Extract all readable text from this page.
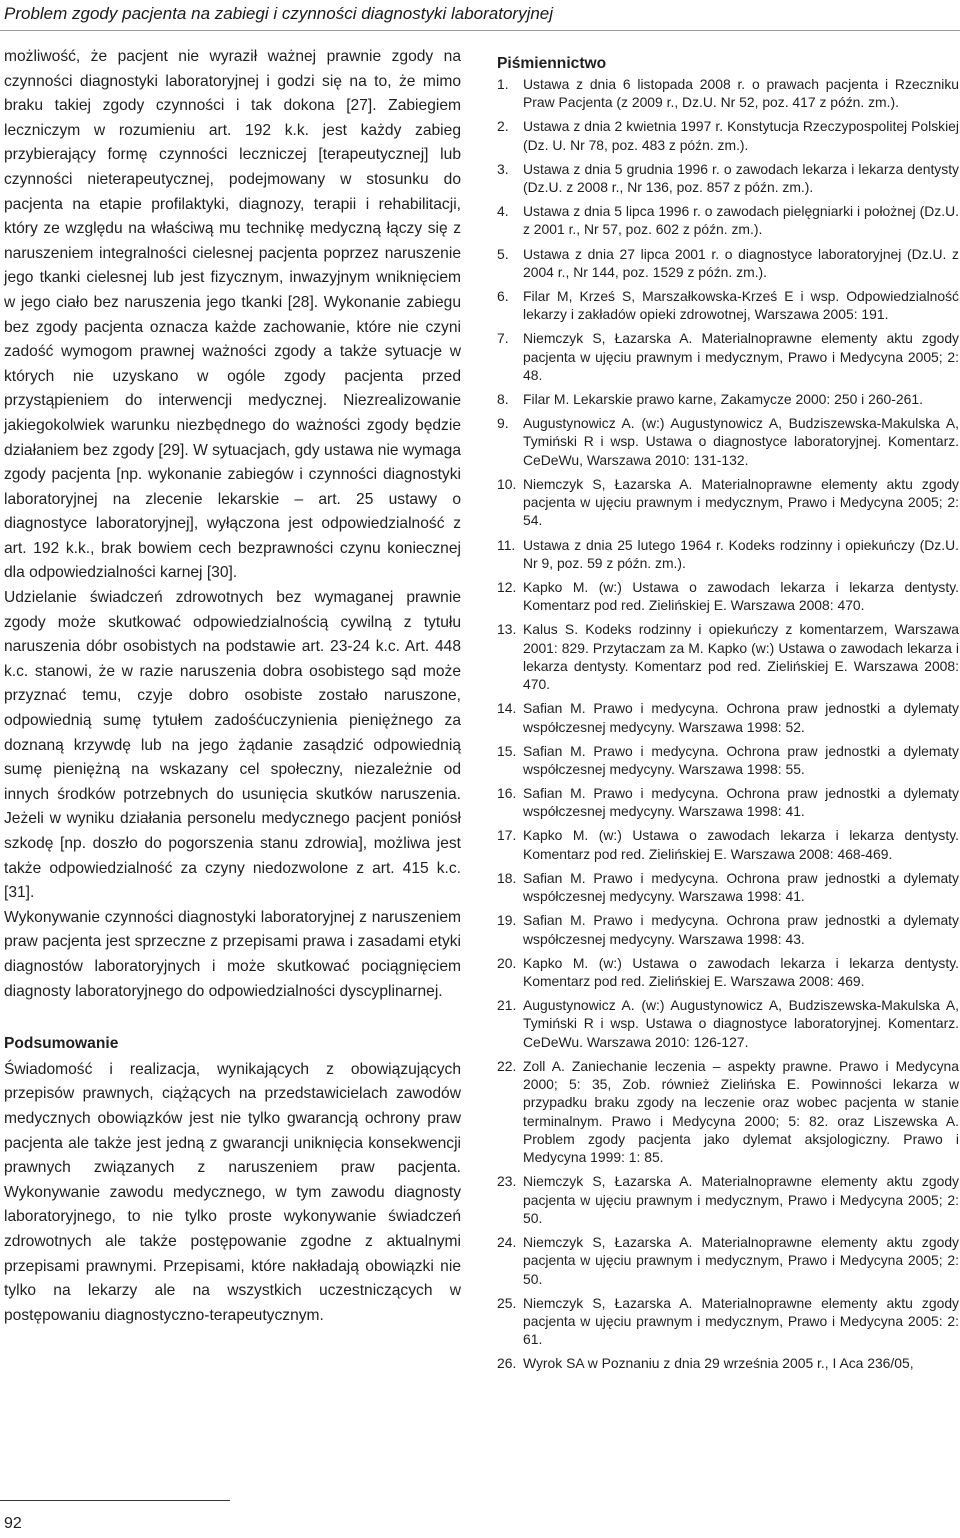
Problem zgody pacjenta na zabiegi i czynności diagnostyki laboratoryjnej

możliwość, że pacjent nie wyraził ważnej prawnie zgody na czynności diagnostyki laboratoryjnej i godzi się na to, że mimo braku takiej zgody czynności i tak dokona [27]. Zabiegiem leczniczym w rozumieniu art. 192 k.k. jest każdy zabieg przybierający formę czynności leczniczej [terapeutycznej] lub czynności nieterapeutycznej, podejmowany w stosunku do pacjenta na etapie profilaktyki, diagnozy, terapii i rehabilitacji, który ze względu na właściwą mu technikę medyczną łączy się z naruszeniem integralności cielesnej pacjenta poprzez naruszenie jego tkanki cielesnej lub jest fizycznym, inwazyjnym wniknięciem w jego ciało bez naruszenia jego tkanki [28]. Wykonanie zabiegu bez zgody pacjenta oznacza każde zachowanie, które nie czyni zadość wymogom prawnej ważności zgody a także sytuacje w których nie uzyskano w ogóle zgody pacjenta przed przystąpieniem do interwencji medycznej. Niezrealizowanie jakiegokolwiek warunku niezbędnego do ważności zgody będzie działaniem bez zgody [29]. W sytuacjach, gdy ustawa nie wymaga zgody pacjenta [np. wykonanie zabiegów i czynności diagnostyki laboratoryjnej na zlecenie lekarskie – art. 25 ustawy o diagnostyce laboratoryjnej], wyłączona jest odpowiedzialność z art. 192 k.k., brak bowiem cech bezprawności czynu koniecznej dla odpowiedzialności karnej [30].

Udzielanie świadczeń zdrowotnych bez wymaganej prawnie zgody może skutkować odpowiedzialnością cywilną z tytułu naruszenia dóbr osobistych na podstawie art. 23-24 k.c. Art. 448 k.c. stanowi, że w razie naruszenia dobra osobistego sąd może przyznać temu, czyje dobro osobiste zostało naruszone, odpowiednią sumę tytułem zadośćuczynienia pieniężnego za doznaną krzywdę lub na jego żądanie zasądzić odpowiednią sumę pieniężną na wskazany cel społeczny, niezależnie od innych środków potrzebnych do usunięcia skutków naruszenia. Jeżeli w wyniku działania personelu medycznego pacjent poniósł szkodę [np. doszło do pogorszenia stanu zdrowia], możliwa jest także odpowiedzialność za czyny niedozwolone z art. 415 k.c. [31].

Wykonywanie czynności diagnostyki laboratoryjnej z naruszeniem praw pacjenta jest sprzeczne z przepisami prawa i zasadami etyki diagnostów laboratoryjnych i może skutkować pociągnięciem diagnosty laboratoryjnego do odpowiedzialności dyscyplinarnej.

Podsumowanie

Świadomość i realizacja, wynikających z obowiązujących przepisów prawnych, ciążących na przedstawicielach zawodów medycznych obowiązków jest nie tylko gwarancją ochrony praw pacjenta ale także jest jedną z gwarancji uniknięcia konsekwencji prawnych związanych z naruszeniem praw pacjenta. Wykonywanie zawodu medycznego, w tym zawodu diagnosty laboratoryjnego, to nie tylko proste wykonywanie świadczeń zdrowotnych ale także postępowanie zgodne z aktualnymi przepisami prawnymi. Przepisami, które nakładają obowiązki nie tylko na lekarzy ale na wszystkich uczestniczących w postępowaniu diagnostyczno-terapeutycznym.

Piśmiennictwo
1.	Ustawa z dnia 6 listopada 2008 r. o prawach pacjenta i Rzeczniku Praw Pacjenta (z 2009 r., Dz.U. Nr 52, poz. 417 z późn. zm.).
2.	Ustawa z dnia 2 kwietnia 1997 r. Konstytucja Rzeczypospolitej Polskiej (Dz. U. Nr 78, poz. 483 z późn. zm.).
3.	Ustawa z dnia 5 grudnia 1996 r. o zawodach lekarza i lekarza dentysty (Dz.U. z 2008 r., Nr 136, poz. 857 z późn. zm.).
4.	Ustawa z dnia 5 lipca 1996 r. o zawodach pielęgniarki i położnej (Dz.U. z 2001 r., Nr 57, poz. 602 z późn. zm.).
5.	Ustawa z dnia 27 lipca 2001 r. o diagnostyce laboratoryjnej (Dz.U. z 2004 r., Nr 144, poz. 1529 z późn. zm.).
6.	Filar M, Krześ S, Marszałkowska-Krześ E i wsp. Odpowiedzialność lekarzy i zakładów opieki zdrowotnej, Warszawa 2005: 191.
7.	Niemczyk S, Łazarska A. Materialnoprawne elementy aktu zgody pacjenta w ujęciu prawnym i medycznym, Prawo i Medycyna 2005; 2: 48.
8.	Filar M. Lekarskie prawo karne, Zakamycze 2000: 250 i 260-261.
9.	Augustynowicz A. (w:) Augustynowicz A, Budziszewska-Makulska A, Tymiński R i wsp. Ustawa o diagnostyce laboratoryjnej. Komentarz. CeDeWu, Warszawa 2010: 131-132.
10. Niemczyk S, Łazarska A. Materialnoprawne elementy aktu zgody pacjenta w ujęciu prawnym i medycznym, Prawo i Medycyna 2005; 2: 54.
11. Ustawa z dnia 25 lutego 1964 r. Kodeks rodzinny i opiekuńczy (Dz.U. Nr 9, poz. 59 z późn. zm.).
12. Kapko M. (w:) Ustawa o zawodach lekarza i lekarza dentysty. Komentarz pod red. Zielińskiej E. Warszawa 2008: 470.
13. Kalus S. Kodeks rodzinny i opiekuńczy z komentarzem, Warszawa 2001: 829. Przytaczam za M. Kapko (w:) Ustawa o zawodach lekarza i lekarza dentysty. Komentarz pod red. Zielińskiej E. Warszawa 2008: 470.
14. Safian M. Prawo i medycyna. Ochrona praw jednostki a dylematy współczesnej medycyny. Warszawa 1998: 52.
15. Safian M. Prawo i medycyna. Ochrona praw jednostki a dylematy współczesnej medycyny. Warszawa 1998: 55.
16. Safian M. Prawo i medycyna. Ochrona praw jednostki a dylematy współczesnej medycyny. Warszawa 1998: 41.
17. Kapko M. (w:) Ustawa o zawodach lekarza i lekarza dentysty. Komentarz pod red. Zielińskiej E. Warszawa 2008: 468-469.
18. Safian M. Prawo i medycyna. Ochrona praw jednostki a dylematy współczesnej medycyny. Warszawa 1998: 41.
19. Safian M. Prawo i medycyna. Ochrona praw jednostki a dylematy współczesnej medycyny. Warszawa 1998: 43.
20. Kapko M. (w:) Ustawa o zawodach lekarza i lekarza dentysty. Komentarz pod red. Zielińskiej E. Warszawa 2008: 469.
21. Augustynowicz A. (w:) Augustynowicz A, Budziszewska-Makulska A, Tymiński R i wsp. Ustawa o diagnostyce laboratoryjnej. Komentarz. CeDeWu. Warszawa 2010: 126-127.
22. Zoll A. Zaniechanie leczenia – aspekty prawne. Prawo i Medycyna 2000; 5: 35, Zob. również Zielińska E. Powinności lekarza w przypadku braku zgody na leczenie oraz wobec pacjenta w stanie terminalnym. Prawo i Medycyna 2000; 5: 82. oraz Liszewska A. Problem zgody pacjenta jako dylemat aksjologiczny. Prawo i Medycyna 1999: 1: 85.
23. Niemczyk S, Łazarska A. Materialnoprawne elementy aktu zgody pacjenta w ujęciu prawnym i medycznym, Prawo i Medycyna 2005; 2: 50.
24. Niemczyk S, Łazarska A. Materialnoprawne elementy aktu zgody pacjenta w ujęciu prawnym i medycznym, Prawo i Medycyna 2005; 2: 50.
25. Niemczyk S, Łazarska A. Materialnoprawne elementy aktu zgody pacjenta w ujęciu prawnym i medycznym, Prawo i Medycyna 2005: 2: 61.
26. Wyrok SA w Poznaniu z dnia 29 września 2005 r., I Aca 236/05,
92
